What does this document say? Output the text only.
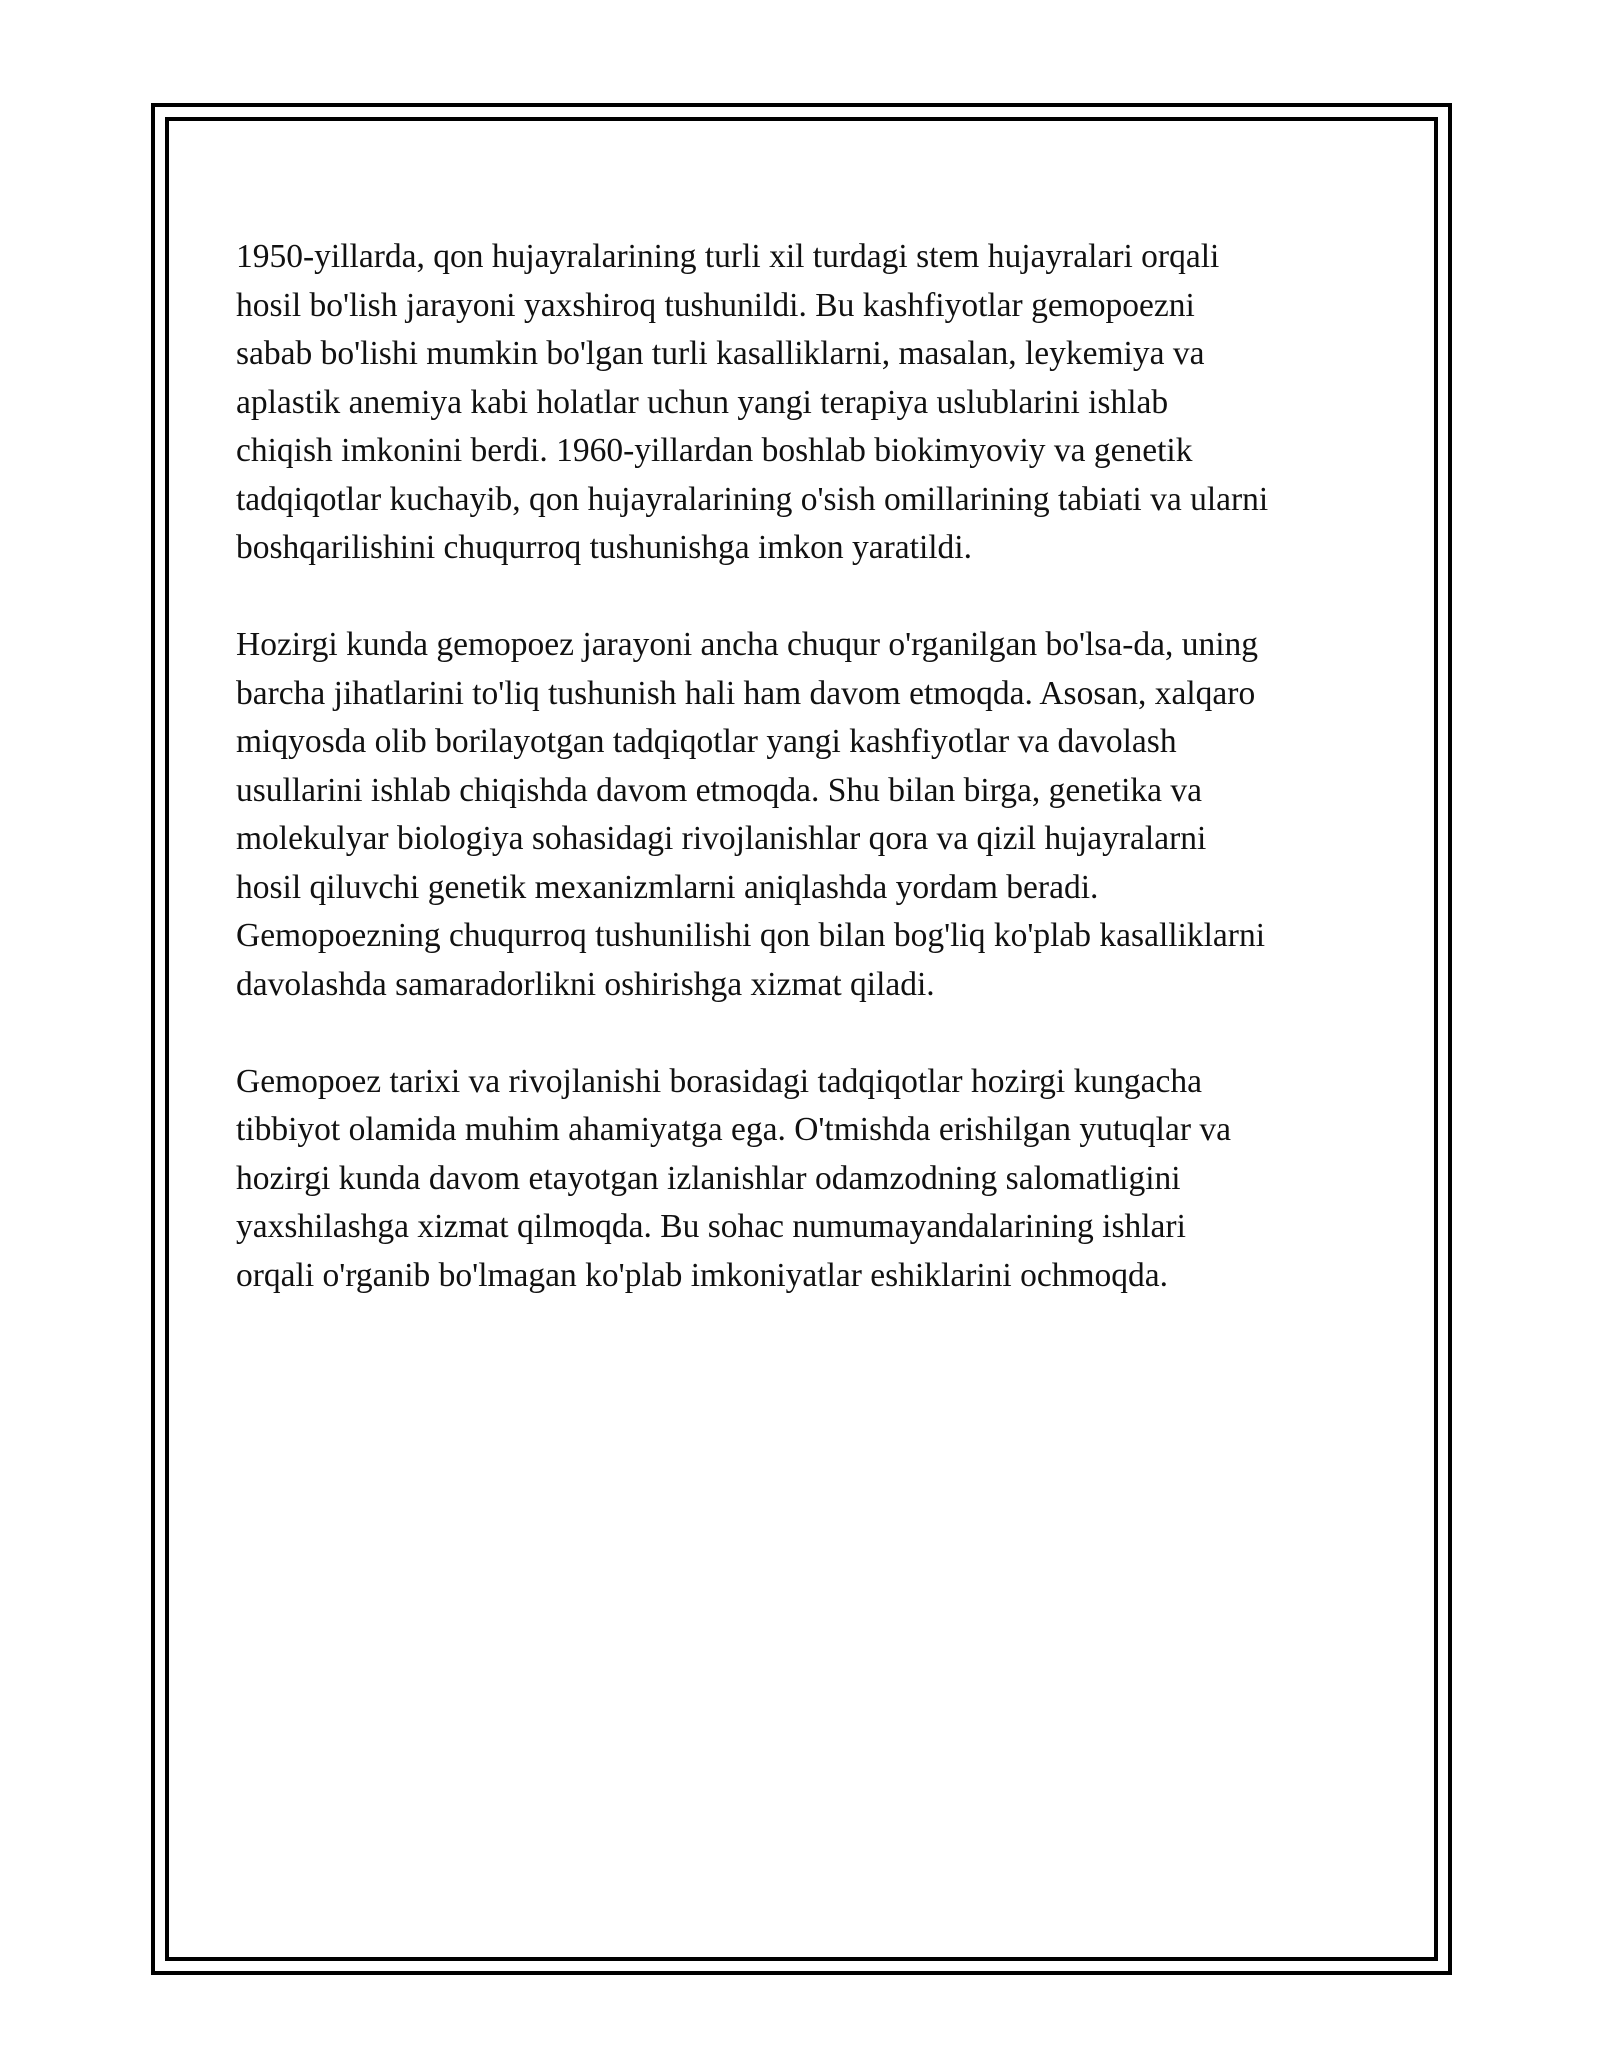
1950-yillarda, qon hujayralarining turli xil turdagi stem hujayralari orqali
hosil bo'lish jarayoni yaxshiroq tushunildi. Bu kashfiyotlar gemopoezni
sabab bo'lishi mumkin bo'lgan turli kasalliklarni, masalan, leykemiya va
aplastik anemiya kabi holatlar uchun yangi terapiya uslublarini ishlab
chiqish imkonini berdi. 1960-yillardan boshlab biokimyoviy va genetik
tadqiqotlar kuchayib, qon hujayralarining o'sish omillarining tabiati va ularni
boshqarilishini chuqurroq tushunishga imkon yaratildi.

Hozirgi kunda gemopoez jarayoni ancha chuqur o'rganilgan bo'lsa-da, uning
barcha jihatlarini to'liq tushunish hali ham davom etmoqda. Asosan, xalqaro
miqyosda olib borilayotgan tadqiqotlar yangi kashfiyotlar va davolash
usullarini ishlab chiqishda davom etmoqda. Shu bilan birga, genetika va
molekulyar biologiya sohasidagi rivojlanishlar qora va qizil hujayralarni
hosil qiluvchi genetik mexanizmlarni aniqlashda yordam beradi.
Gemopoezning chuqurroq tushunilishi qon bilan bog'liq ko'plab kasalliklarni
davolashda samaradorlikni oshirishga xizmat qiladi.

Gemopoez tarixi va rivojlanishi borasidagi tadqiqotlar hozirgi kungacha
tibbiyot olamida muhim ahamiyatga ega. O'tmishda erishilgan yutuqlar va
hozirgi kunda davom etayotgan izlanishlar odamzodning salomatligini
yaxshilashga xizmat qilmoqda. Bu sohac numumayandalarining ishlari
orqali o'rganib bo'lmagan ko'plab imkoniyatlar eshiklarini ochmoqda.
